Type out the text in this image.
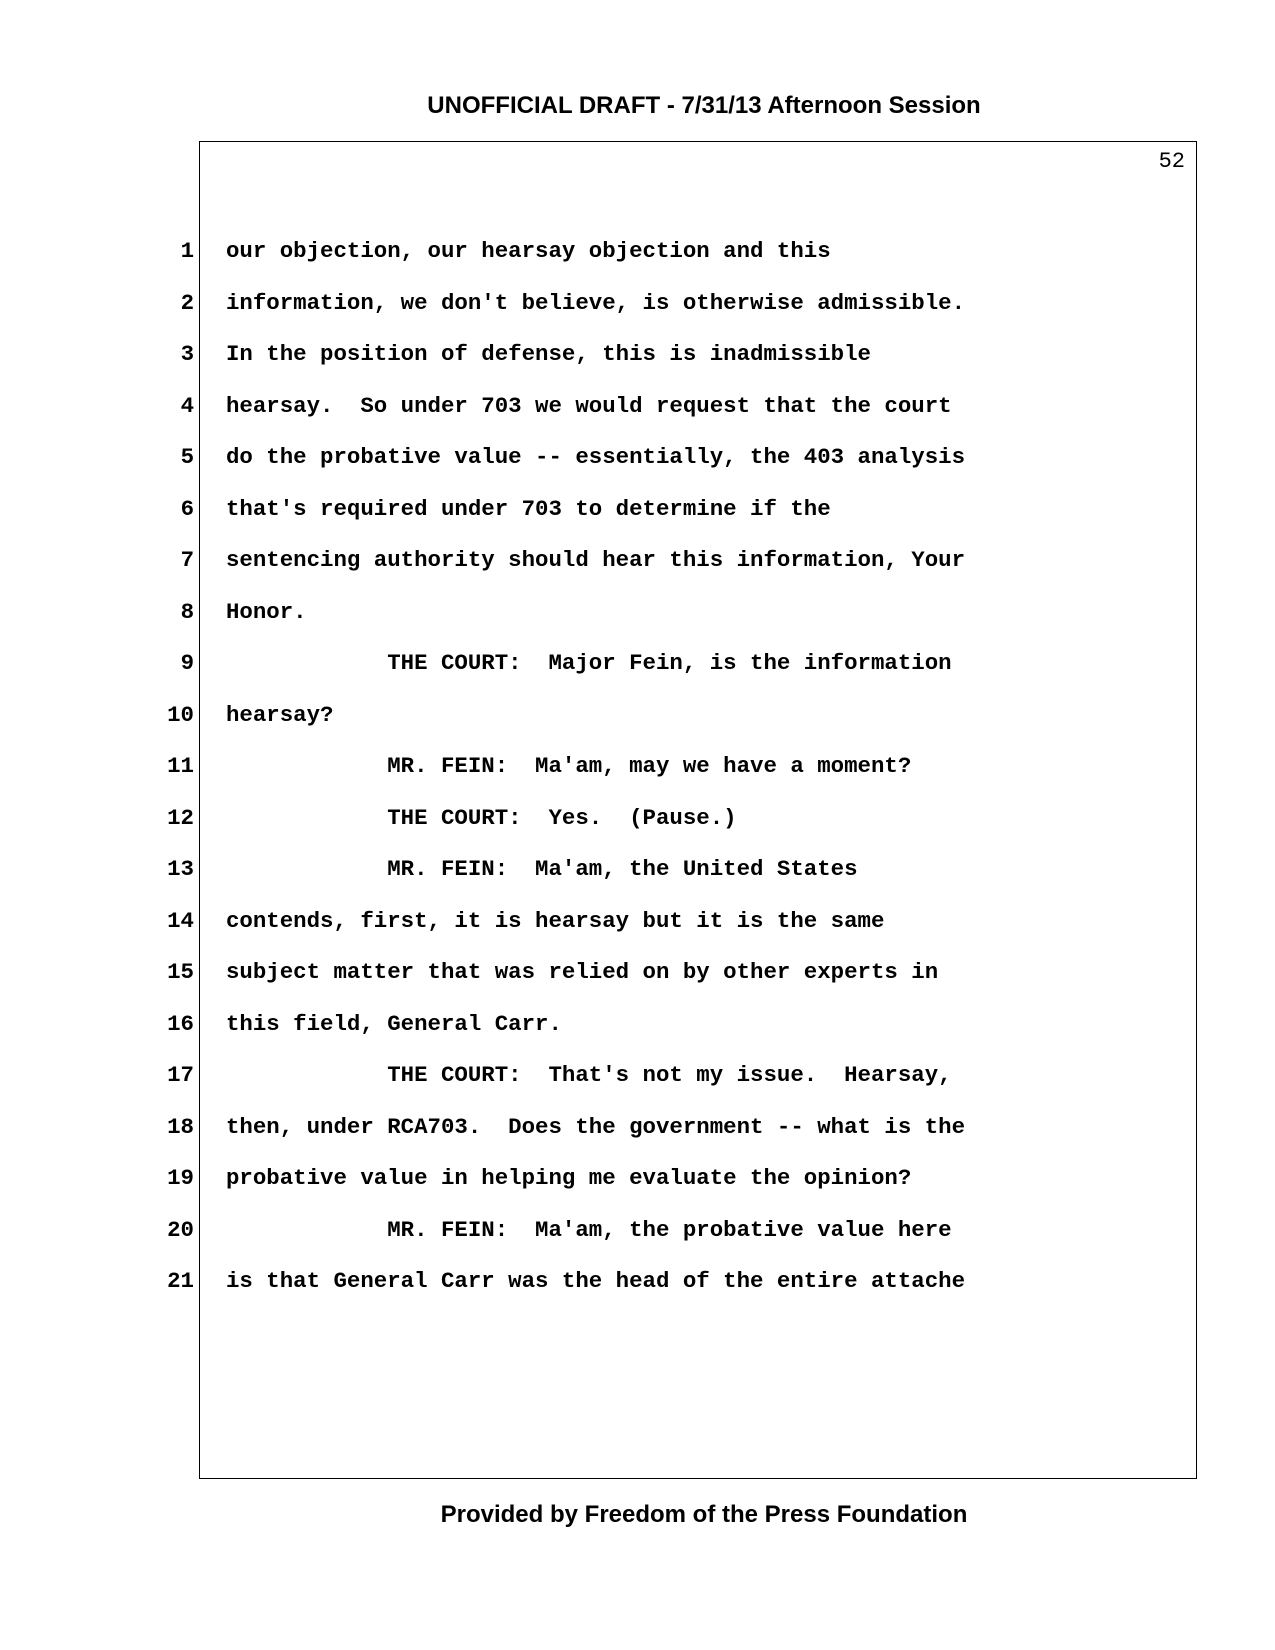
UNOFFICIAL DRAFT - 7/31/13 Afternoon Session
52
1 our objection, our hearsay objection and this
2 information, we don't believe, is otherwise admissible.
3 In the position of defense, this is inadmissible
4 hearsay.  So under 703 we would request that the court
5 do the probative value -- essentially, the 403 analysis
6 that's required under 703 to determine if the
7 sentencing authority should hear this information, Your
8 Honor.
9 THE COURT:  Major Fein, is the information
10 hearsay?
11 MR. FEIN:  Ma'am, may we have a moment?
12 THE COURT:  Yes.  (Pause.)
13 MR. FEIN:  Ma'am, the United States
14 contends, first, it is hearsay but it is the same
15 subject matter that was relied on by other experts in
16 this field, General Carr.
17 THE COURT:  That's not my issue.  Hearsay,
18 then, under RCA703.  Does the government -- what is the
19 probative value in helping me evaluate the opinion?
20 MR. FEIN:  Ma'am, the probative value here
21 is that General Carr was the head of the entire attache
Provided by Freedom of the Press Foundation
